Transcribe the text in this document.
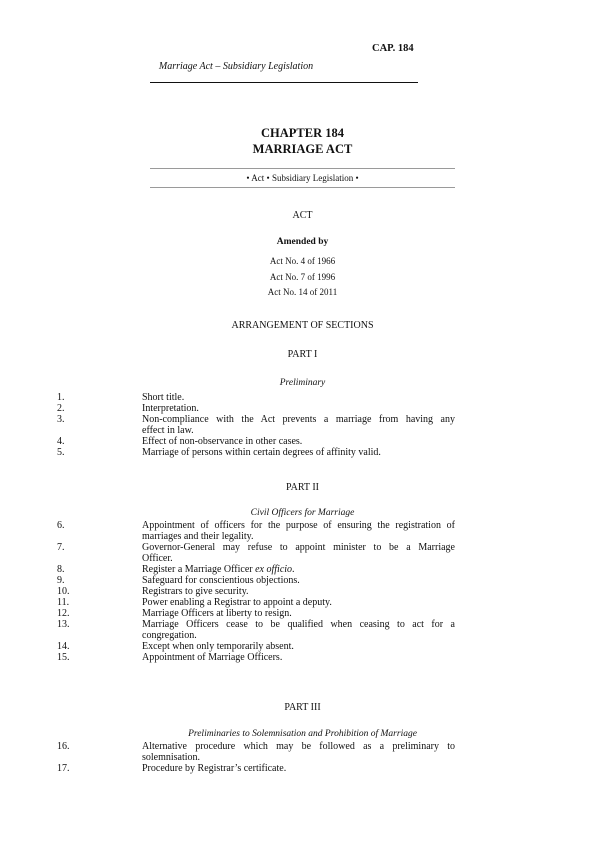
CAP. 184
Marriage Act – Subsidiary Legislation
CHAPTER 184
MARRIAGE ACT
• Act • Subsidiary Legislation •
ACT
Amended by
Act No. 4 of 1966
Act No. 7 of 1996
Act No. 14 of 2011
ARRANGEMENT OF SECTIONS
PART I
Preliminary
1.	Short title.
2.	Interpretation.
3.	Non-compliance with the Act prevents a marriage from having any
effect in law.
4.	Effect of non-observance in other cases.
5.	Marriage of persons within certain degrees of affinity valid.
PART II
Civil Officers for Marriage
6.	Appointment of officers for the purpose of ensuring the registration of
marriages and their legality.
7.	Governor-General may refuse to appoint minister to be a Marriage
Officer.
8.	Register a Marriage Officer ex officio.
9.	Safeguard for conscientious objections.
10.	Registrars to give security.
11.	Power enabling a Registrar to appoint a deputy.
12.	Marriage Officers at liberty to resign.
13.	Marriage Officers cease to be qualified when ceasing to act for a
congregation.
14.	Except when only temporarily absent.
15.	Appointment of Marriage Officers.
PART III
Preliminaries to Solemnisation and Prohibition of Marriage
16.	Alternative procedure which may be followed as a preliminary to
solemnisation.
17.	Procedure by Registrar’s certificate.
